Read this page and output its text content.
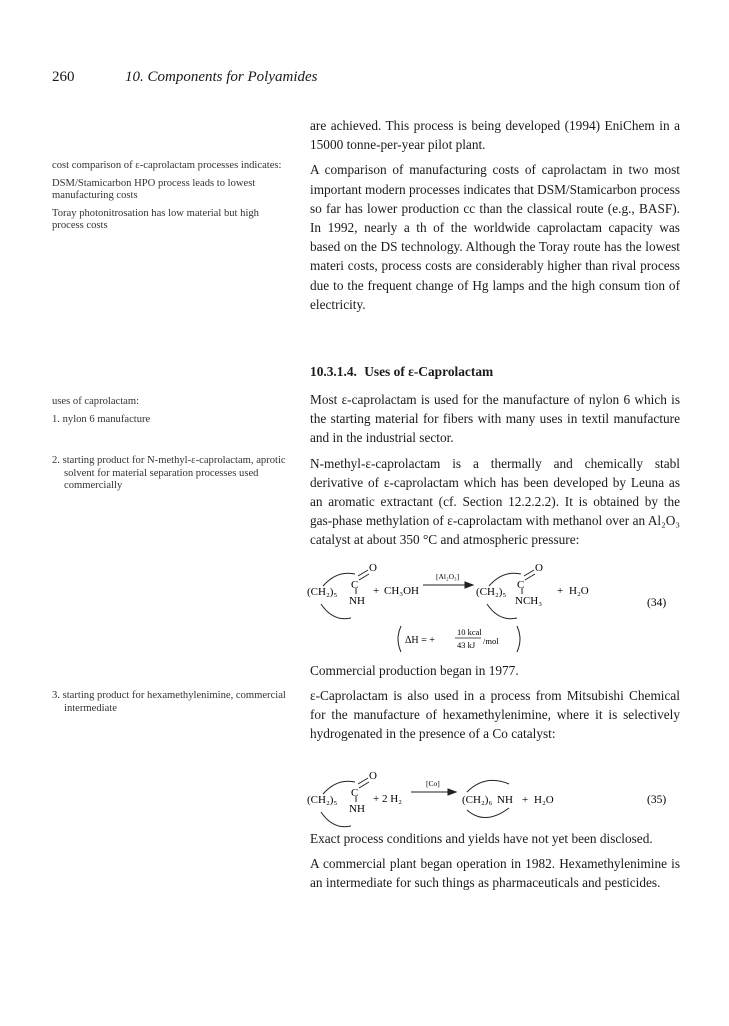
260	10. Components for Polyamides

are achieved. This process is being developed (1994) EniChem in a 15000 tonne-per-year pilot plant.

A comparison of manufacturing costs of caprolactam in two most important modern processes indicates that DSM/Stamicarbon process so far has lower production cc than the classical route (e.g., BASF). In 1992, nearly a th of the worldwide caprolactam capacity was based on the DS technology. Although the Toray route has the lowest materi costs, process costs are considerably higher than rival process due to the frequent change of Hg lamps and the high consum tion of electricity.

cost comparison of ε-caprolactam processes indicates:

DSM/Stamicarbon HPO process leads to lowest manufacturing costs

Toray photonitrosation has low material but high process costs

10.3.1.4. Uses of ε-Caprolactam

uses of caprolactam:

1. nylon 6 manufacture

2. starting product for N-methyl-ε-caprolactam, aprotic solvent for material separation processes used commercially

Most ε-caprolactam is used for the manufacture of nylon 6 which is the starting material for fibers with many uses in textil manufacture and in the industrial sector.

N-methyl-ε-caprolactam is a thermally and chemically stabl derivative of ε-caprolactam which has been developed by Leuna as an aromatic extractant (cf. Section 12.2.2.2). It is obtained by the gas-phase methylation of ε-caprolactam with methanol over an Al₂O₃ catalyst at about 350 °C and atmospheric pressure:

(CH₂)₅
C
O
NH
+ CH₃OH
[Al₂O₃]
(CH₂)₅
C
O
NCH₃
+ H₂O
(34)
ΔH = +
10 kcal
43 kJ /mol

Commercial production began in 1977.

3. starting product for hexamethylenimine, commercial intermediate

ε-Caprolactam is also used in a process from Mitsubishi Chemical for the manufacture of hexamethylenimine, where it is selectively hydrogenated in the presence of a Co catalyst:

(CH₂)₅
C
O
NH
+ 2 H₂
[Co]
(CH₂)₆ NH + H₂O	(35)

Exact process conditions and yields have not yet been disclosed.

A commercial plant began operation in 1982. Hexamethylenimine is an intermediate for such things as pharmaceuticals and pesticides.
